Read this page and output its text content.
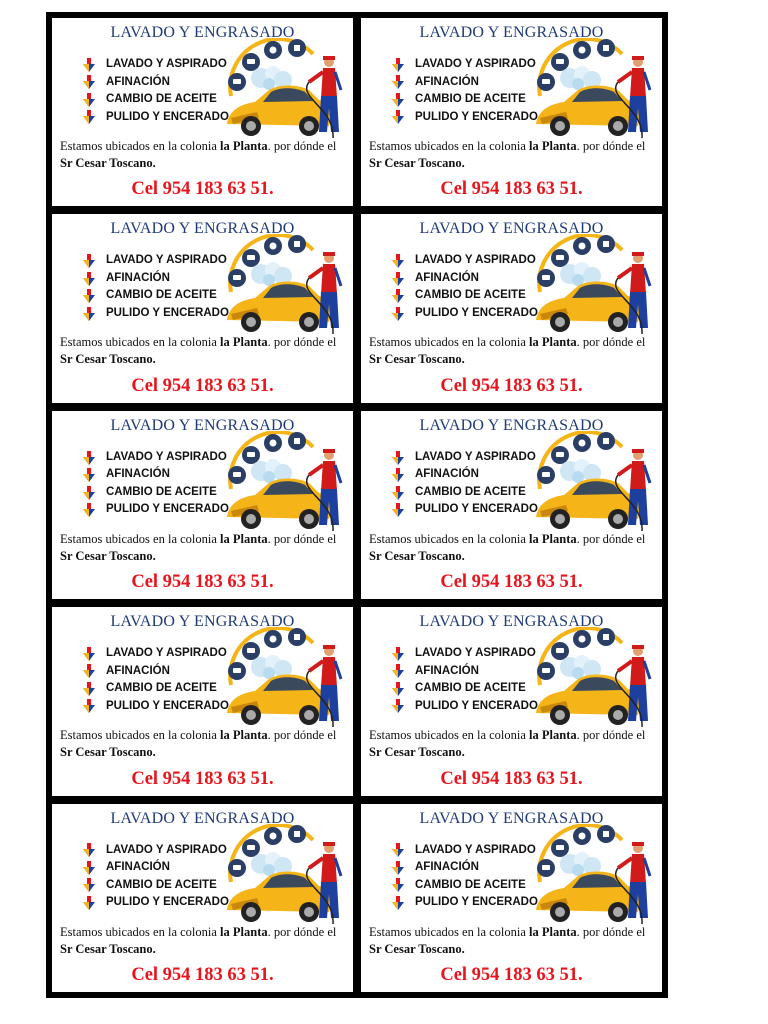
LAVADO Y ENGRASADO
LAVADO Y ASPIRADO
AFINACIÓN
CAMBIO DE ACEITE
PULIDO Y ENCERADO
Estamos ubicados en la colonia la Planta. por dónde el Sr Cesar Toscano.
Cel 954 183 63 51.
LAVADO Y ENGRASADO
LAVADO Y ASPIRADO
AFINACIÓN
CAMBIO DE ACEITE
PULIDO Y ENCERADO
Estamos ubicados en la colonia la Planta. por dónde el Sr Cesar Toscano.
Cel 954 183 63 51.
LAVADO Y ENGRASADO
LAVADO Y ASPIRADO
AFINACIÓN
CAMBIO DE ACEITE
PULIDO Y ENCERADO
Estamos ubicados en la colonia la Planta. por dónde el Sr Cesar Toscano.
Cel 954 183 63 51.
LAVADO Y ENGRASADO
LAVADO Y ASPIRADO
AFINACIÓN
CAMBIO DE ACEITE
PULIDO Y ENCERADO
Estamos ubicados en la colonia la Planta. por dónde el Sr Cesar Toscano.
Cel 954 183 63 51.
LAVADO Y ENGRASADO
LAVADO Y ASPIRADO
AFINACIÓN
CAMBIO DE ACEITE
PULIDO Y ENCERADO
Estamos ubicados en la colonia la Planta. por dónde el Sr Cesar Toscano.
Cel 954 183 63 51.
LAVADO Y ENGRASADO
LAVADO Y ASPIRADO
AFINACIÓN
CAMBIO DE ACEITE
PULIDO Y ENCERADO
Estamos ubicados en la colonia la Planta. por dónde el Sr Cesar Toscano.
Cel 954 183 63 51.
LAVADO Y ENGRASADO
LAVADO Y ASPIRADO
AFINACIÓN
CAMBIO DE ACEITE
PULIDO Y ENCERADO
Estamos ubicados en la colonia la Planta. por dónde el Sr Cesar Toscano.
Cel 954 183 63 51.
LAVADO Y ENGRASADO
LAVADO Y ASPIRADO
AFINACIÓN
CAMBIO DE ACEITE
PULIDO Y ENCERADO
Estamos ubicados en la colonia la Planta. por dónde el Sr Cesar Toscano.
Cel 954 183 63 51.
LAVADO Y ENGRASADO
LAVADO Y ASPIRADO
AFINACIÓN
CAMBIO DE ACEITE
PULIDO Y ENCERADO
Estamos ubicados en la colonia la Planta. por dónde el Sr Cesar Toscano.
Cel 954 183 63 51.
LAVADO Y ENGRASADO
LAVADO Y ASPIRADO
AFINACIÓN
CAMBIO DE ACEITE
PULIDO Y ENCERADO
Estamos ubicados en la colonia la Planta. por dónde el Sr Cesar Toscano.
Cel 954 183 63 51.
